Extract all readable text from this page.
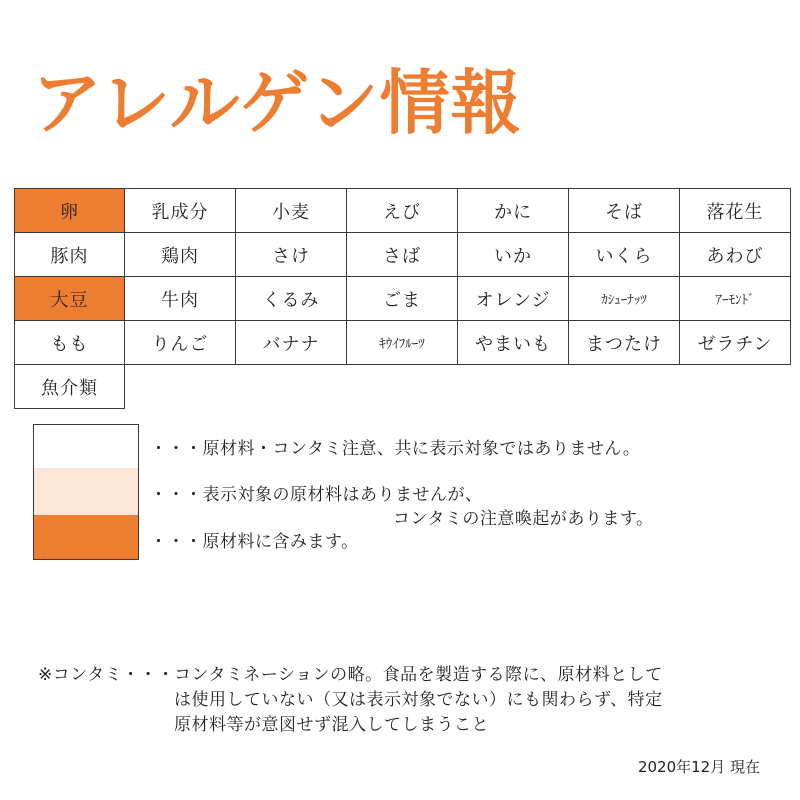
アレルゲン情報
卵	乳成分	小麦	えび	かに	そば	落花生
豚肉	鶏肉	さけ	さば	いか	いくら	あわび
大豆	牛肉	くるみ	ごま	オレンジ	ｶｼｭｰﾅｯﾂ	ｱｰﾓﾝﾄﾞ
もも	りんご	バナナ	ｷｳｲﾌﾙｰﾂ	やまいも	まつたけ	ゼラチン
魚介類						
・・・原材料・コンタミ注意、共に表示対象ではありません。
・・・表示対象の原材料はありませんが、
コンタミの注意喚起があります。
・・・原材料に含みます。
※コンタミ・・・ コンタミネーションの略。食品を製造する際に、原材料として
は使用していない（又は表示対象でない）にも関わらず、特定
原材料等が意図せず混入してしまうこと
2020年12月 現在
